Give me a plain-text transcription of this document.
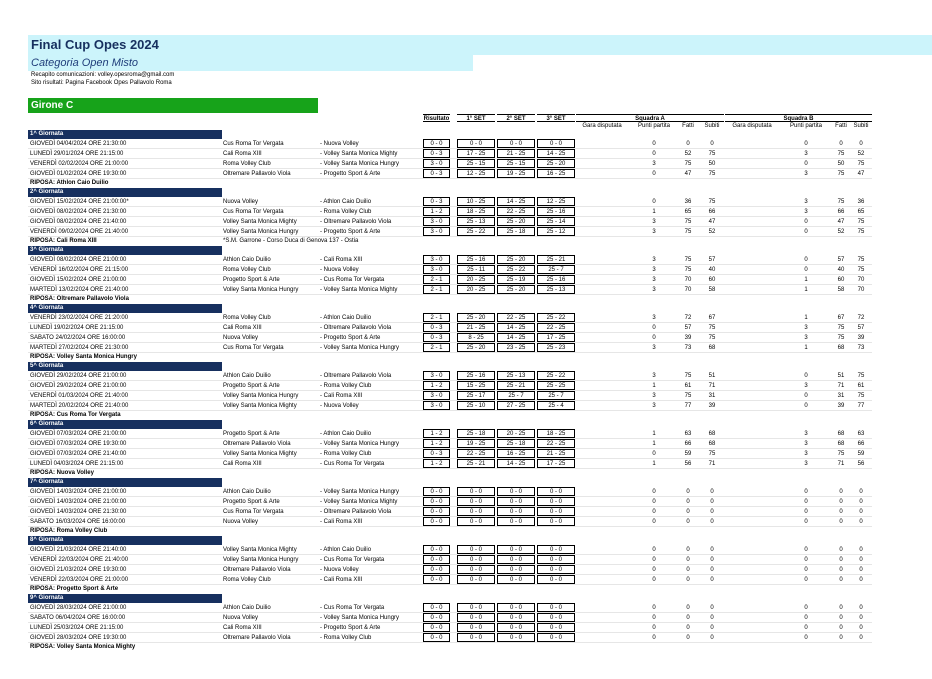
Final Cup Opes 2024
Categoria Open Misto
Recapito comunicazioni: volley.opesroma@gmail.com
Sito risultati: Pagina Facebook Opes Pallavolo Roma
Girone C
Risultato	1° SET	2° SET	3° SET	Squadra A	Squadra B
Gara disputata	Punti partita	Fatti	Subiti	Gara disputata	Punti partita	Fatti	Subiti
1^ Giornata
GIOVEDÌ 04/04/2024 ORE 21:30:00	Cus Roma Tor Vergata	- Nuova Volley	0 - 0	0 - 0	0 - 0	0 - 0	0	0	0	0	0	0
LUNEDÌ 29/01/2024 ORE 21:15:00	Cali Roma XIII	- Volley Santa Monica Mighty	0 - 3	17 - 25	21 - 25	14 - 25	0	52	75	3	75	52
VENERDÌ 02/02/2024 ORE 21:00:00	Roma Volley Club	- Volley Santa Monica Hungry	3 - 0	25 - 15	25 - 15	25 - 20	3	75	50	0	50	75
GIOVEDÌ 01/02/2024 ORE 19:30:00	Oltremare Pallavolo Viola	- Progetto Sport & Arte	0 - 3	12 - 25	19 - 25	16 - 25	0	47	75	3	75	47
RIPOSA: Athlon Caio Duilio
2^ Giornata
GIOVEDÌ 15/02/2024 ORE 21:00:00*	Nuova Volley	- Athlon Caio Duilio	0 - 3	10 - 25	14 - 25	12 - 25	0	36	75	3	75	36
GIOVEDÌ 08/02/2024 ORE 21:30:00	Cus Roma Tor Vergata	- Roma Volley Club	1 - 2	18 - 25	22 - 25	25 - 16	1	65	66	3	66	65
GIOVEDÌ 08/02/2024 ORE 21:40:00	Volley Santa Monica Mighty	- Oltremare Pallavolo Viola	3 - 0	25 - 13	25 - 20	25 - 14	3	75	47	0	47	75
VENERDÌ 09/02/2024 ORE 21:40:00	Volley Santa Monica Hungry	- Progetto Sport & Arte	3 - 0	25 - 22	25 - 18	25 - 12	3	75	52	0	52	75
RIPOSA: Cali Roma XIII	*S.M. Garrone - Corso Duca di Genova 137 - Ostia
3^ Giornata
GIOVEDÌ 08/02/2024 ORE 21:00:00	Athlon Caio Duilio	- Cali Roma XIII	3 - 0	25 - 16	25 - 20	25 - 21	3	75	57	0	57	75
VENERDÌ 16/02/2024 ORE 21:15:00	Roma Volley Club	- Nuova Volley	3 - 0	25 - 11	25 - 22	25 - 7	3	75	40	0	40	75
GIOVEDÌ 15/02/2024 ORE 21:00:00	Progetto Sport & Arte	- Cus Roma Tor Vergata	2 - 1	20 - 25	25 - 19	25 - 16	3	70	60	1	60	70
MARTEDÌ 13/02/2024 ORE 21:40:00	Volley Santa Monica Hungry	- Volley Santa Monica Mighty	2 - 1	20 - 25	25 - 20	25 - 13	3	70	58	1	58	70
RIPOSA: Oltremare Pallavolo Viola
4^ Giornata
VENERDÌ 23/02/2024 ORE 21:20:00	Roma Volley Club	- Athlon Caio Duilio	2 - 1	25 - 20	22 - 25	25 - 22	3	72	67	1	67	72
LUNEDÌ 19/02/2024 ORE 21:15:00	Cali Roma XIII	- Oltremare Pallavolo Viola	0 - 3	21 - 25	14 - 25	22 - 25	0	57	75	3	75	57
SABATO 24/02/2024 ORE 16:00:00	Nuova Volley	- Progetto Sport & Arte	0 - 3	8 - 25	14 - 25	17 - 25	0	39	75	3	75	39
MARTEDÌ 27/02/2024 ORE 21:30:00	Cus Roma Tor Vergata	- Volley Santa Monica Hungry	2 - 1	25 - 20	23 - 25	25 - 23	3	73	68	1	68	73
RIPOSA: Volley Santa Monica Hungry
5^ Giornata
GIOVEDÌ 29/02/2024 ORE 21:00:00	Athlon Caio Duilio	- Oltremare Pallavolo Viola	3 - 0	25 - 16	25 - 13	25 - 22	3	75	51	0	51	75
GIOVEDÌ 29/02/2024 ORE 21:00:00	Progetto Sport & Arte	- Roma Volley Club	1 - 2	15 - 25	25 - 21	25 - 25	1	61	71	3	71	61
VENERDÌ 01/03/2024 ORE 21:40:00	Volley Santa Monica Hungry	- Cali Roma XIII	3 - 0	25 - 17	25 - 7	25 - 7	3	75	31	0	31	75
MARTEDÌ 20/02/2024 ORE 21:40:00	Volley Santa Monica Mighty	- Nuova Volley	3 - 0	25 - 10	27 - 25	25 - 4	3	77	39	0	39	77
RIPOSA: Cus Roma Tor Vergata
6^ Giornata
GIOVEDÌ 07/03/2024 ORE 21:00:00	Progetto Sport & Arte	- Athlon Caio Duilio	1 - 2	25 - 18	20 - 25	18 - 25	1	63	68	3	68	63
GIOVEDÌ 07/03/2024 ORE 19:30:00	Oltremare Pallavolo Viola	- Volley Santa Monica Hungry	1 - 2	19 - 25	25 - 18	22 - 25	1	66	68	3	68	66
GIOVEDÌ 07/03/2024 ORE 21:40:00	Volley Santa Monica Mighty	- Roma Volley Club	0 - 3	22 - 25	16 - 25	21 - 25	0	59	75	3	75	59
LUNEDÌ 04/03/2024 ORE 21:15:00	Cali Roma XIII	- Cus Roma Tor Vergata	1 - 2	25 - 21	14 - 25	17 - 25	1	56	71	3	71	56
RIPOSA: Nuova Volley
7^ Giornata
GIOVEDÌ 14/03/2024 ORE 21:00:00	Athlon Caio Duilio	- Volley Santa Monica Hungry	0 - 0	0 - 0	0 - 0	0 - 0	0	0	0	0	0	0
GIOVEDÌ 14/03/2024 ORE 21:00:00	Progetto Sport & Arte	- Volley Santa Monica Mighty	0 - 0	0 - 0	0 - 0	0 - 0	0	0	0	0	0	0
GIOVEDÌ 14/03/2024 ORE 21:30:00	Cus Roma Tor Vergata	- Oltremare Pallavolo Viola	0 - 0	0 - 0	0 - 0	0 - 0	0	0	0	0	0	0
SABATO 16/03/2024 ORE 16:00:00	Nuova Volley	- Cali Roma XIII	0 - 0	0 - 0	0 - 0	0 - 0	0	0	0	0	0	0
RIPOSA: Roma Volley Club
8^ Giornata
GIOVEDÌ 21/03/2024 ORE 21:40:00	Volley Santa Monica Mighty	- Athlon Caio Duilio	0 - 0	0 - 0	0 - 0	0 - 0	0	0	0	0	0	0
VENERDÌ 22/03/2024 ORE 21:40:00	Volley Santa Monica Hungry	- Cus Roma Tor Vergata	0 - 0	0 - 0	0 - 0	0 - 0	0	0	0	0	0	0
GIOVEDÌ 21/03/2024 ORE 19:30:00	Oltremare Pallavolo Viola	- Nuova Volley	0 - 0	0 - 0	0 - 0	0 - 0	0	0	0	0	0	0
VENERDÌ 22/03/2024 ORE 21:00:00	Roma Volley Club	- Cali Roma XIII	0 - 0	0 - 0	0 - 0	0 - 0	0	0	0	0	0	0
RIPOSA: Progetto Sport & Arte
9^ Giornata
GIOVEDÌ 28/03/2024 ORE 21:00:00	Athlon Caio Duilio	- Cus Roma Tor Vergata	0 - 0	0 - 0	0 - 0	0 - 0	0	0	0	0	0	0
SABATO 06/04/2024 ORE 16:00:00	Nuova Volley	- Volley Santa Monica Hungry	0 - 0	0 - 0	0 - 0	0 - 0	0	0	0	0	0	0
LUNEDÌ 25/03/2024 ORE 21:15:00	Cali Roma XIII	- Progetto Sport & Arte	0 - 0	0 - 0	0 - 0	0 - 0	0	0	0	0	0	0
GIOVEDÌ 28/03/2024 ORE 19:30:00	Oltremare Pallavolo Viola	- Roma Volley Club	0 - 0	0 - 0	0 - 0	0 - 0	0	0	0	0	0	0
RIPOSA: Volley Santa Monica Mighty
